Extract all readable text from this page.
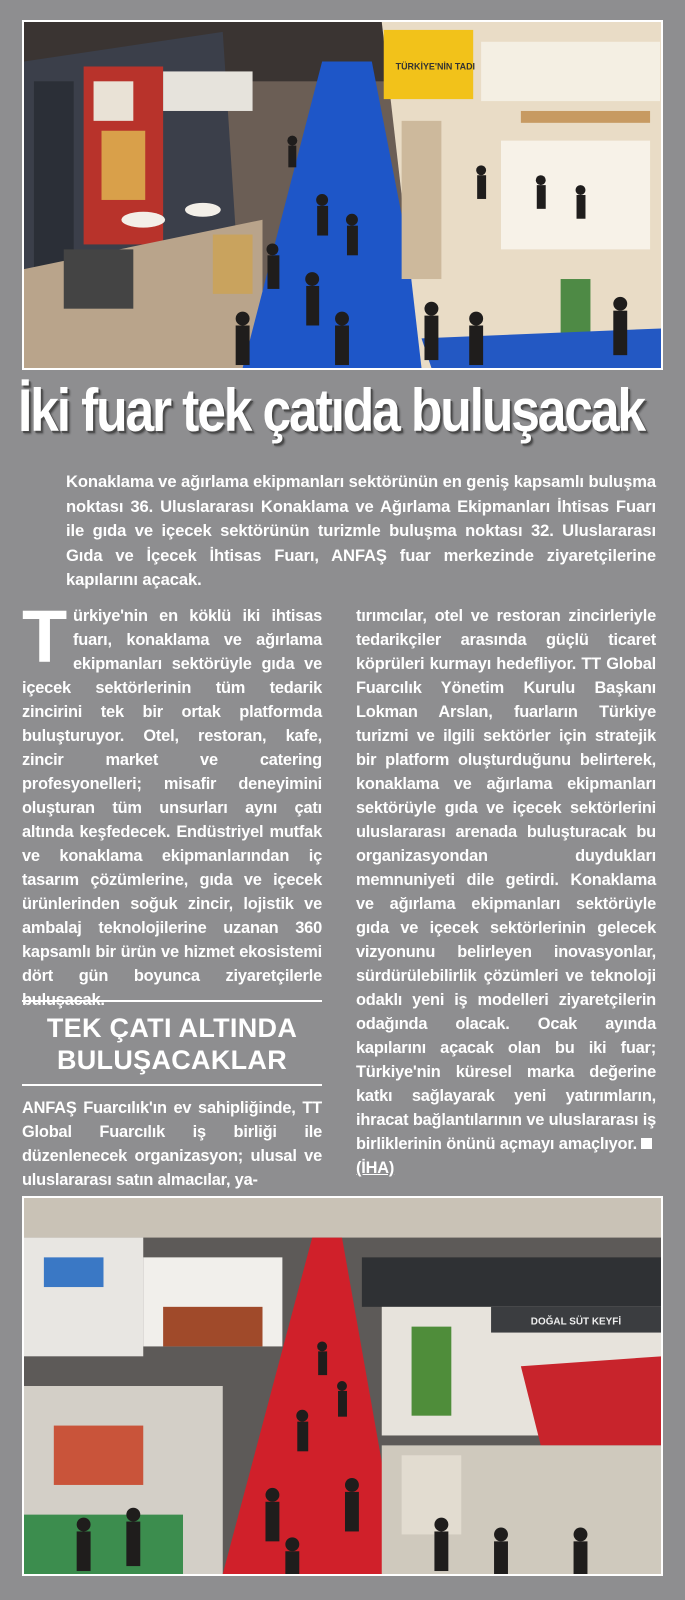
TÜRKİYE'NİN TADI
İki fuar tek çatıda buluşacak
Konaklama ve ağırlama ekipmanları sektörünün en geniş kapsamlı buluşma noktası 36. Uluslararası Konaklama ve Ağırlama Ekipmanları İhtisas Fuarı ile gıda ve içecek sektörünün turizmle buluşma noktası 32. Uluslararası Gıda ve İçecek İhtisas Fuarı, ANFAŞ fuar merkezinde ziyaretçilerine kapılarını açacak.
Türkiye'nin en köklü iki ihtisas fuarı, konaklama ve ağırlama ekipmanları sektörüyle gıda ve içecek sektörlerinin tüm tedarik zincirini tek bir ortak platformda buluşturuyor. Otel, restoran, kafe, zincir market ve catering profesyonelleri; misafir deneyimini oluşturan tüm unsurları aynı çatı altında keşfedecek. Endüstriyel mutfak ve konaklama ekipmanlarından iç tasarım çözümlerine, gıda ve içecek ürünlerinden soğuk zincir, lojistik ve ambalaj teknolojilerine uzanan 360 kapsamlı bir ürün ve hizmet ekosistemi dört gün boyunca ziyaretçilerle buluşacak.

TEK ÇATI ALTINDA BULUŞACAKLAR

ANFAŞ Fuarcılık'ın ev sahipliğinde, TT Global Fuarcılık iş birliği ile düzenlenecek organizasyon; ulusal ve uluslararası satın almacılar, ya-
tırımcılar, otel ve restoran zincirleriyle tedarikçiler arasında güçlü ticaret köprüleri kurmayı hedefliyor. TT Global Fuarcılık Yönetim Kurulu Başkanı Lokman Arslan, fuarların Türkiye turizmi ve ilgili sektörler için stratejik bir platform oluşturduğunu belirterek, konaklama ve ağırlama ekipmanları sektörüyle gıda ve içecek sektörlerini uluslararası arenada buluşturacak bu organizasyondan duydukları memnuniyeti dile getirdi. Konaklama ve ağırlama ekipmanları sektörüyle gıda ve içecek sektörlerinin gelecek vizyonunu belirleyen inovasyonlar, sürdürülebilirlik çözümleri ve teknoloji odaklı yeni iş modelleri ziyaretçilerin odağında olacak. Ocak ayında kapılarını açacak olan bu iki fuar; Türkiye'nin küresel marka değerine katkı sağlayarak yeni yatırımların, ihracat bağlantılarının ve uluslararası iş birliklerinin önünü açmayı amaçlıyor.(İHA)
DOĞAL SÜT KEYFİ
